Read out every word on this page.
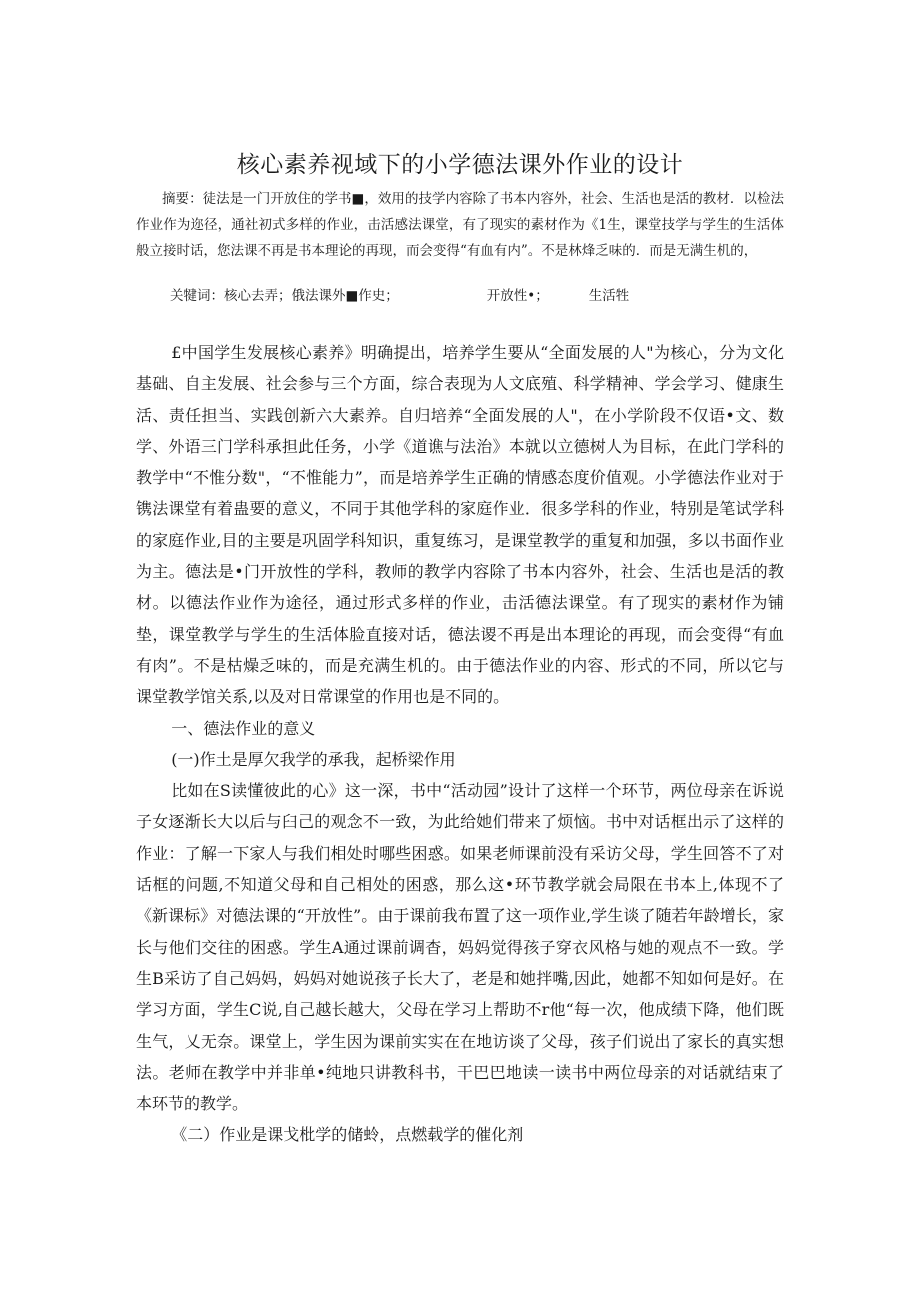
核心素养视域下的小学德法课外作业的设计

摘要：徒法是一门开放住的学书■，效用的技学内容除了书本内容外，社会、生活也是活的教材．以检法作业作为迩径，通社初式多样的作业，击活感法课堂，有了现实的素材作为《1生，课堂技学与学生的生活体般立接时话，您法课不再是书本理论的再现，而会变得“有血有内”。不是林烽乏味的．而是无满生机的，

关犍词：核心去弄；俄法课外■作史；	开放性•；	生活牲

£中国学生发展核心素养》明确提出，培养学生要从“全面发展的人"为核心，分为文化基础、自主发展、社会参与三个方面，综合表现为人文底殖、科学精神、学会学习、健康生活、责任担当、实践创新六大素养。自归培养“全面发展的人"，在小学阶段不仅语•文、数学、外语三门学科承担此任务，小学《道谯与法治》本就以立德树人为目标，在此门学科的教学中“不惟分数"，“不惟能力”，而是培养学生正确的情感态度价值观。小学德法作业对于镌法课堂有着蛊要的意义，不同于其他学科的家庭作业．很多学科的作业，特别是笔试学科的家庭作业,目的主要是巩固学科知识，重复练习，是课堂教学的重复和加强，多以书面作业为主。德法是•门开放性的学科，教师的教学内容除了书本内容外，社会、生活也是活的教材。以德法作业作为途径，通过形式多样的作业，击活德法课堂。有了现实的素材作为铺垫，课堂教学与学生的生活体脸直接对话，德法谡不再是出本理论的再现，而会变得“有血有肉”。不是枯燥乏味的，而是充满生机的。由于德法作业的内容、形式的不同，所以它与课堂教学馆关系,以及对日常课堂的作用也是不同的。

一、德法作业的意义

(一)作土是厚欠我学的承我，起桥梁作用

比如在S读懂彼此的心》这一深，书中“活动园”设计了这样一个环节，两位母亲在诉说子女逐渐长大以后与臼己的观念不一致，为此给她们带来了烦恼。书中对话框出示了这样的作业：了解一下家人与我们相处时哪些困惑。如果老师课前没有采访父母，学生回答不了对话框的问题,不知道父母和自己相处的困惑，那么这•环节教学就会局限在书本上,体现不了《新课标》对德法课的“开放性”。由于课前我布置了这一项作业,学生谈了随若年龄增长，家长与他们交往的困惑。学生A通过课前调杳，妈妈觉得孩子穿衣风格与她的观点不一致。学生B采访了自己妈妈，妈妈对她说孩子长大了，老是和她拌嘴,因此，她都不知如何是好。在学习方面，学生C说,自己越长越大，父母在学习上帮助不r他“每一次，他成绩下降，他们既生气，乂无奈。课堂上，学生因为课前实实在在地访谈了父母，孩子们说出了家长的真实想法。老师在教学中并非单•纯地只讲教科书，干巴巴地读一读书中两位母亲的对话就结束了本环节的教学。

《二）作业是课戈枇学的储蛉，点燃载学的催化剂
